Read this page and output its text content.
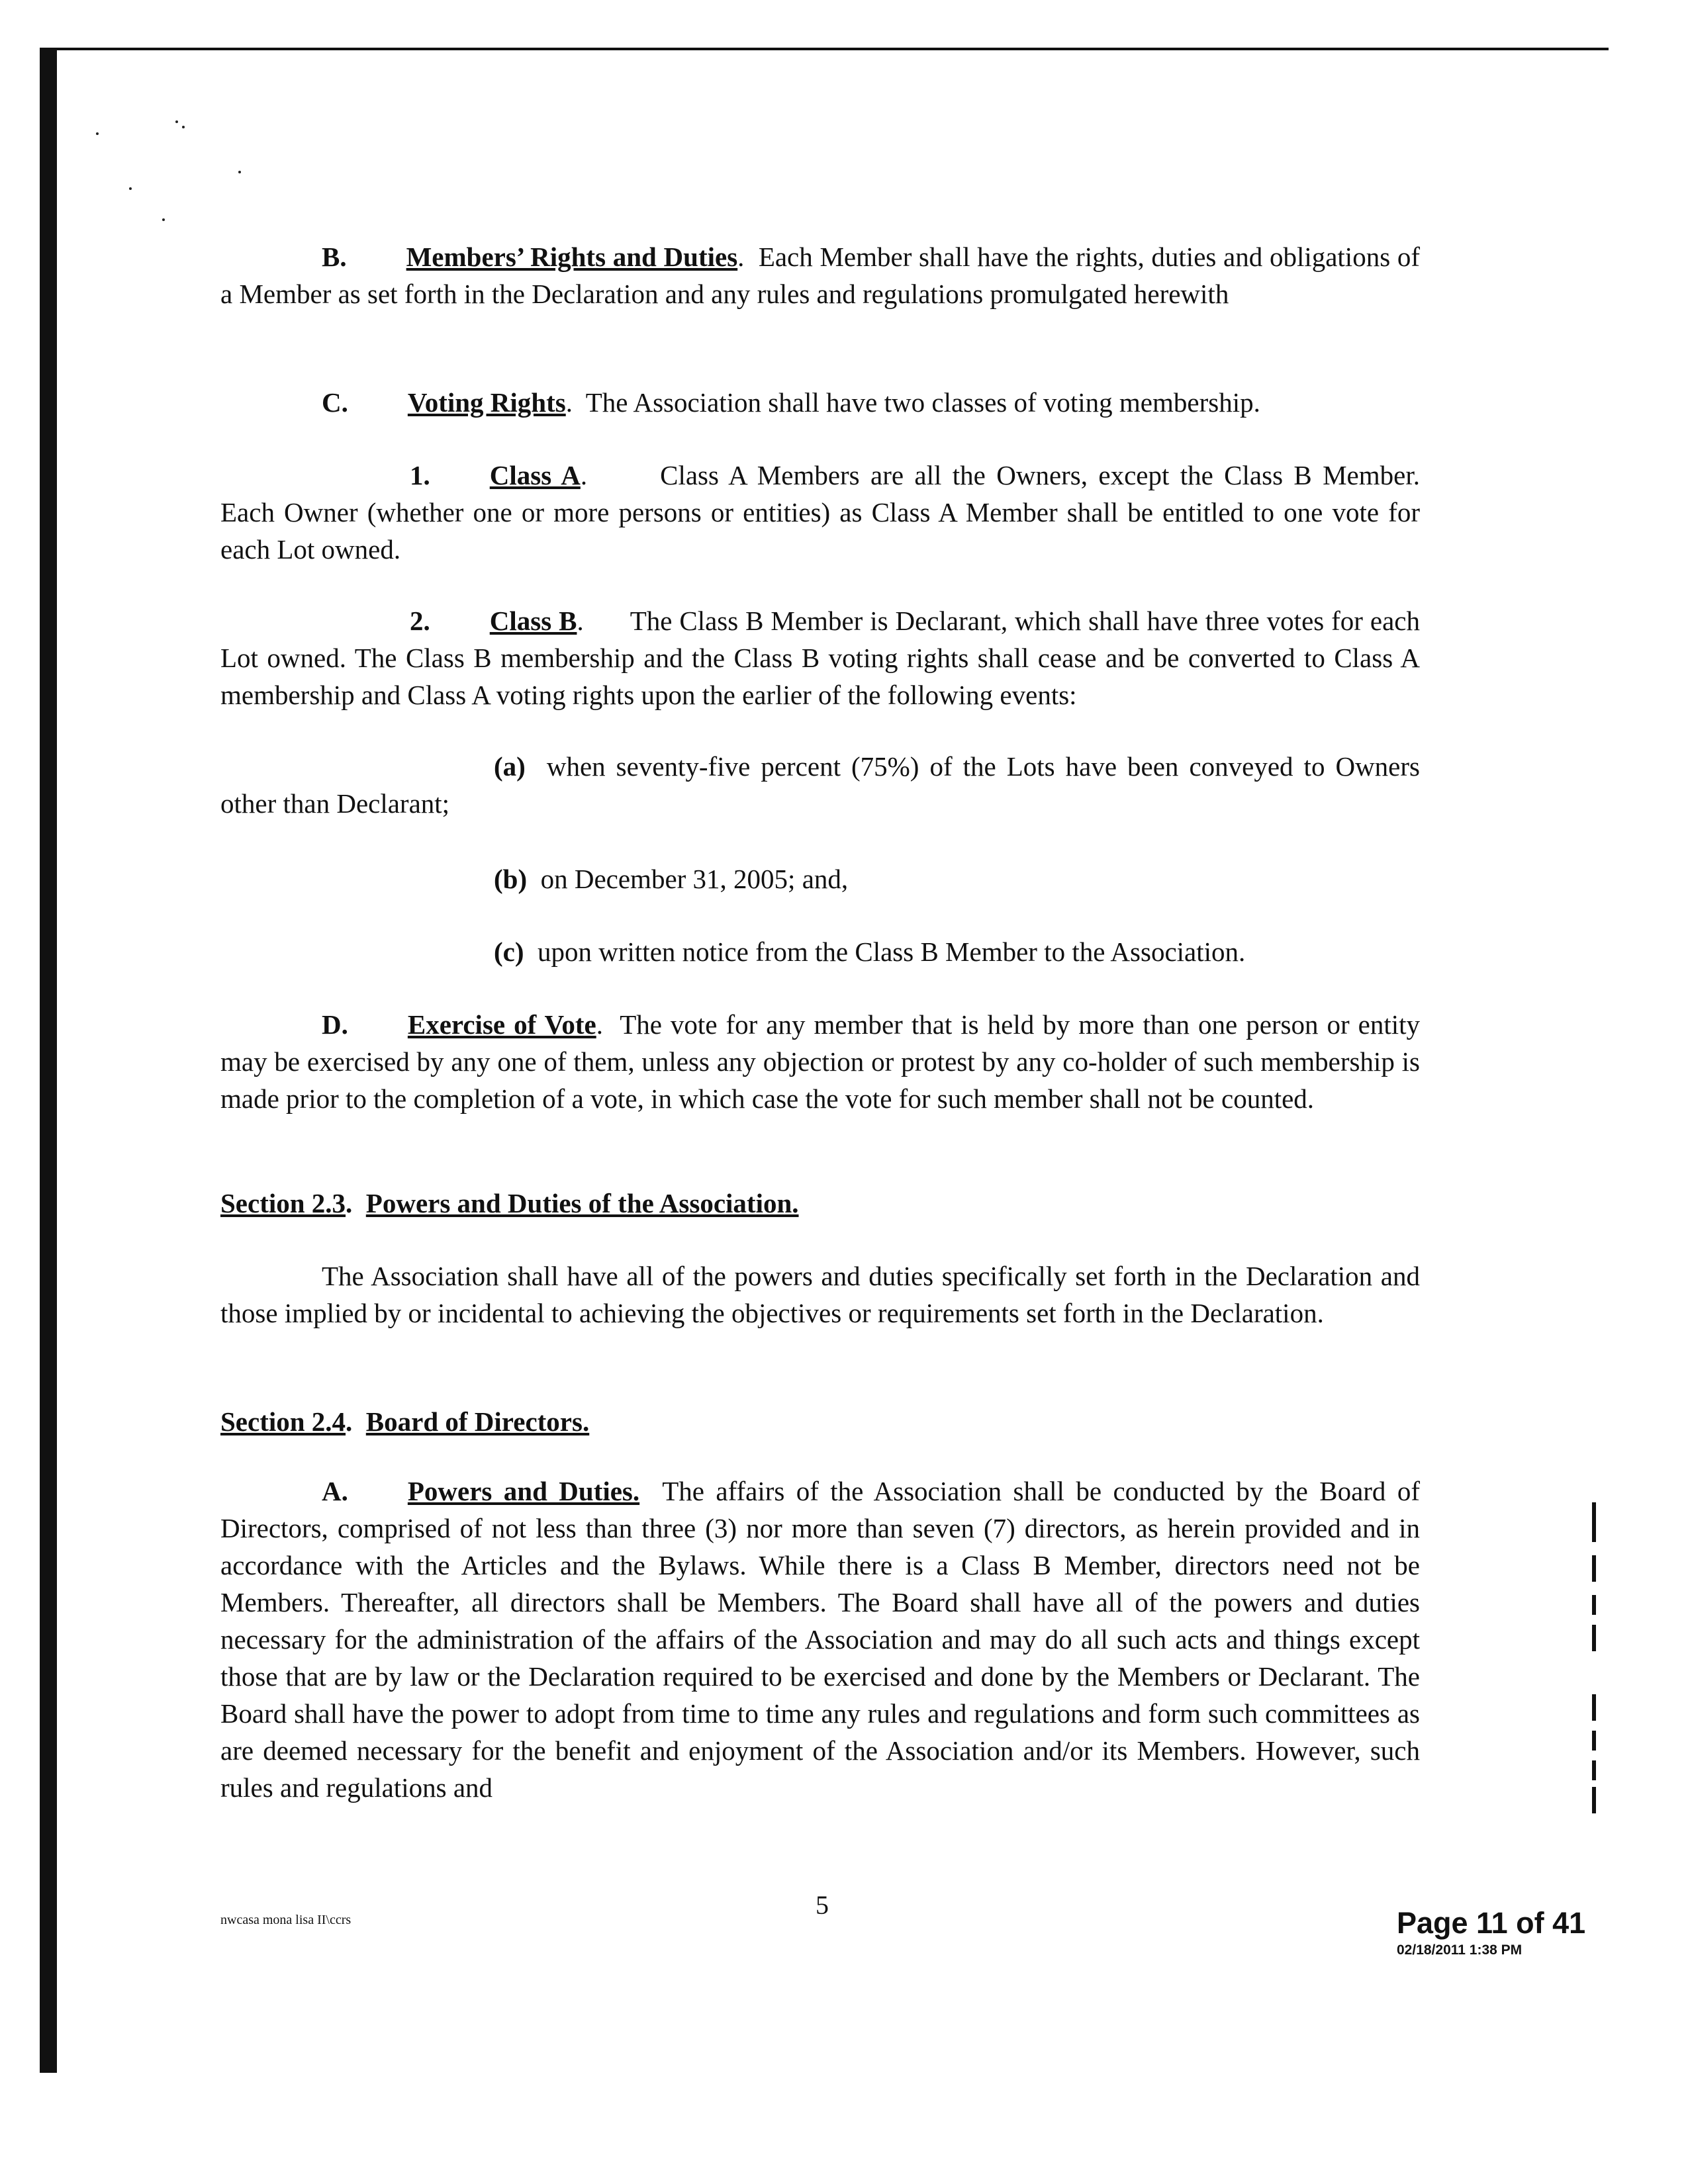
B. Members’ Rights and Duties.  Each Member shall have the rights, duties and obligations of a Member as set forth in the Declaration and any rules and regulations promulgated herewith

C. Voting Rights.  The Association shall have two classes of voting membership.

1. Class A.	Class A Members are all the Owners, except the Class B Member. Each Owner (whether one or more persons or entities) as Class A Member shall be entitled to one vote for each Lot owned.

2. Class B. The Class B Member is Declarant, which shall have three votes for each Lot owned. The Class B membership and the Class B voting rights shall cease and be converted to Class A membership and Class A voting rights upon the earlier of the following events:

(a) when seventy-five percent (75%) of the Lots have been conveyed to Owners other than Declarant;

(b) on December 31, 2005; and,

(c) upon written notice from the Class B Member to the Association.

D. Exercise of Vote.  The vote for any member that is held by more than one person or entity may be exercised by any one of them, unless any objection or protest by any co-holder of such membership is made prior to the completion of a vote, in which case the vote for such member shall not be counted.

Section 2.3.  Powers and Duties of the Association.

The Association shall have all of the powers and duties specifically set forth in the Declaration and those implied by or incidental to achieving the objectives or requirements set forth in the Declaration.

Section 2.4.  Board of Directors.

A. Powers and Duties. The affairs of the Association shall be conducted by the Board of Directors, comprised of not less than three (3) nor more than seven (7) directors, as herein provided and in accordance with the Articles and the Bylaws. While there is a Class B Member, directors need not be Members. Thereafter, all directors shall be Members. The Board shall have all of the powers and duties necessary for the administration of the affairs of the Association and may do all such acts and things except those that are by law or the Declaration required to be exercised and done by the Members or Declarant. The Board shall have the power to adopt from time to time any rules and regulations and form such committees as are deemed necessary for the benefit and enjoyment of the Association and/or its Members. However, such rules and regulations and

nwcasa mona lisa II\ccrs	5
Page 11 of 41
02/18/2011 1:38 PM
